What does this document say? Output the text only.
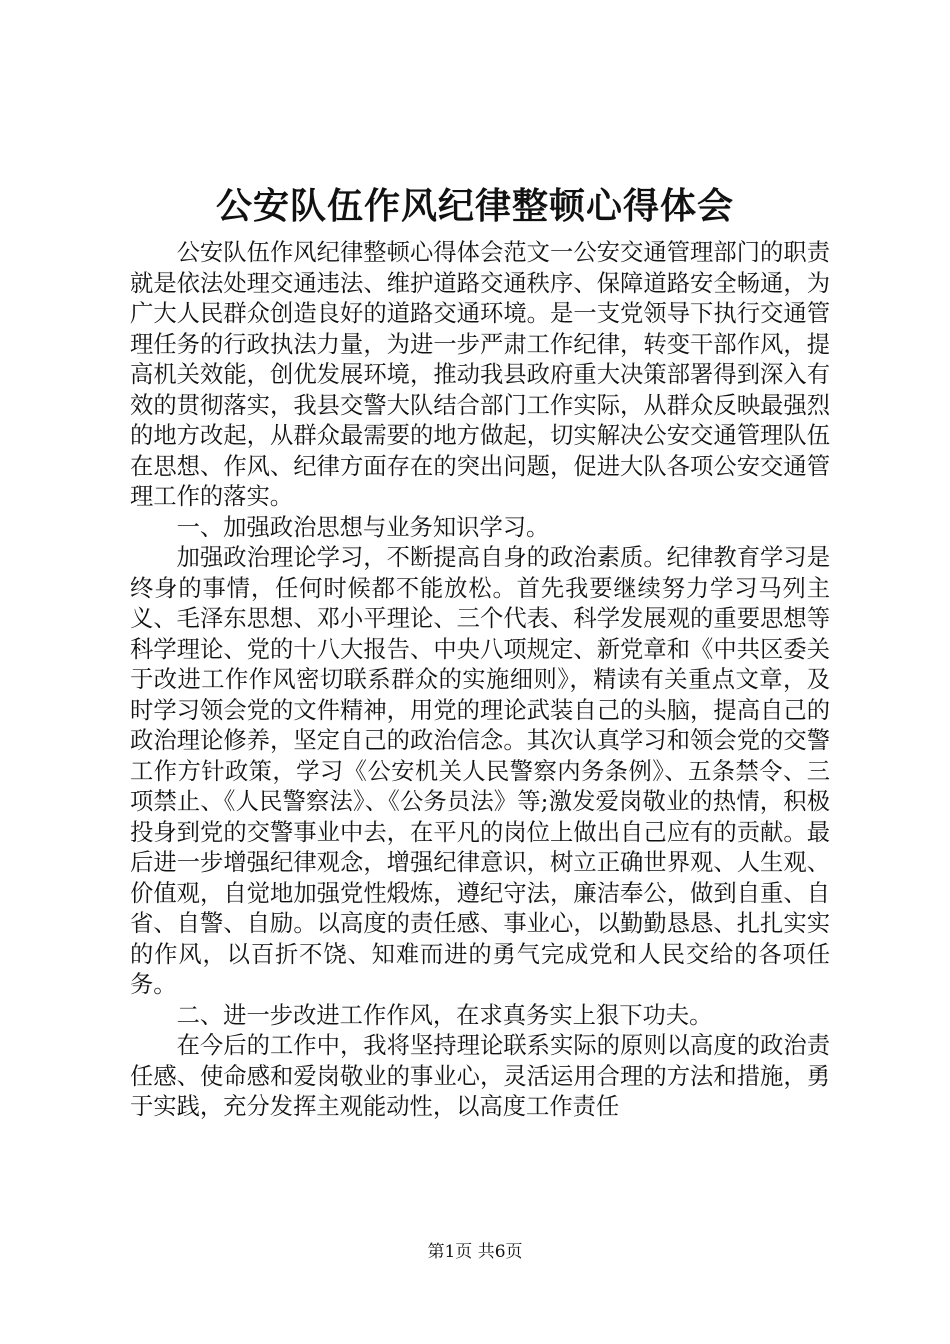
公安队伍作风纪律整顿心得体会

公安队伍作风纪律整顿心得体会范文一公安交通管理部门的职责就是依法处理交通违法、维护道路交通秩序、保障道路安全畅通，为广大人民群众创造良好的道路交通环境。是一支党领导下执行交通管理任务的行政执法力量，为进一步严肃工作纪律，转变干部作风，提高机关效能，创优发展环境，推动我县政府重大决策部署得到深入有效的贯彻落实，我县交警大队结合部门工作实际，从群众反映最强烈的地方改起，从群众最需要的地方做起，切实解决公安交通管理队伍在思想、作风、纪律方面存在的突出问题，促进大队各项公安交通管理工作的落实。

一、加强政治思想与业务知识学习。

加强政治理论学习，不断提高自身的政治素质。纪律教育学习是终身的事情，任何时候都不能放松。首先我要继续努力学习马列主义、毛泽东思想、邓小平理论、三个代表、科学发展观的重要思想等科学理论、党的十八大报告、中央八项规定、新党章和《中共区委关于改进工作作风密切联系群众的实施细则》，精读有关重点文章，及时学习领会党的文件精神，用党的理论武装自己的头脑，提高自己的政治理论修养，坚定自己的政治信念。其次认真学习和领会党的交警工作方针政策，学习《公安机关人民警察内务条例》、五条禁令、三项禁止、《人民警察法》、《公务员法》等;激发爱岗敬业的热情，积极投身到党的交警事业中去，在平凡的岗位上做出自己应有的贡献。最后进一步增强纪律观念，增强纪律意识，树立正确世界观、人生观、价值观，自觉地加强党性煅炼，遵纪守法，廉洁奉公，做到自重、自省、自警、自励。以高度的责任感、事业心，以勤勤恳恳、扎扎实实的作风，以百折不饶、知难而进的勇气完成党和人民交给的各项任务。

二、进一步改进工作作风，在求真务实上狠下功夫。

在今后的工作中，我将坚持理论联系实际的原则以高度的政治责任感、使命感和爱岗敬业的事业心，灵活运用合理的方法和措施，勇于实践，充分发挥主观能动性，以高度工作责任

第1页 共6页
